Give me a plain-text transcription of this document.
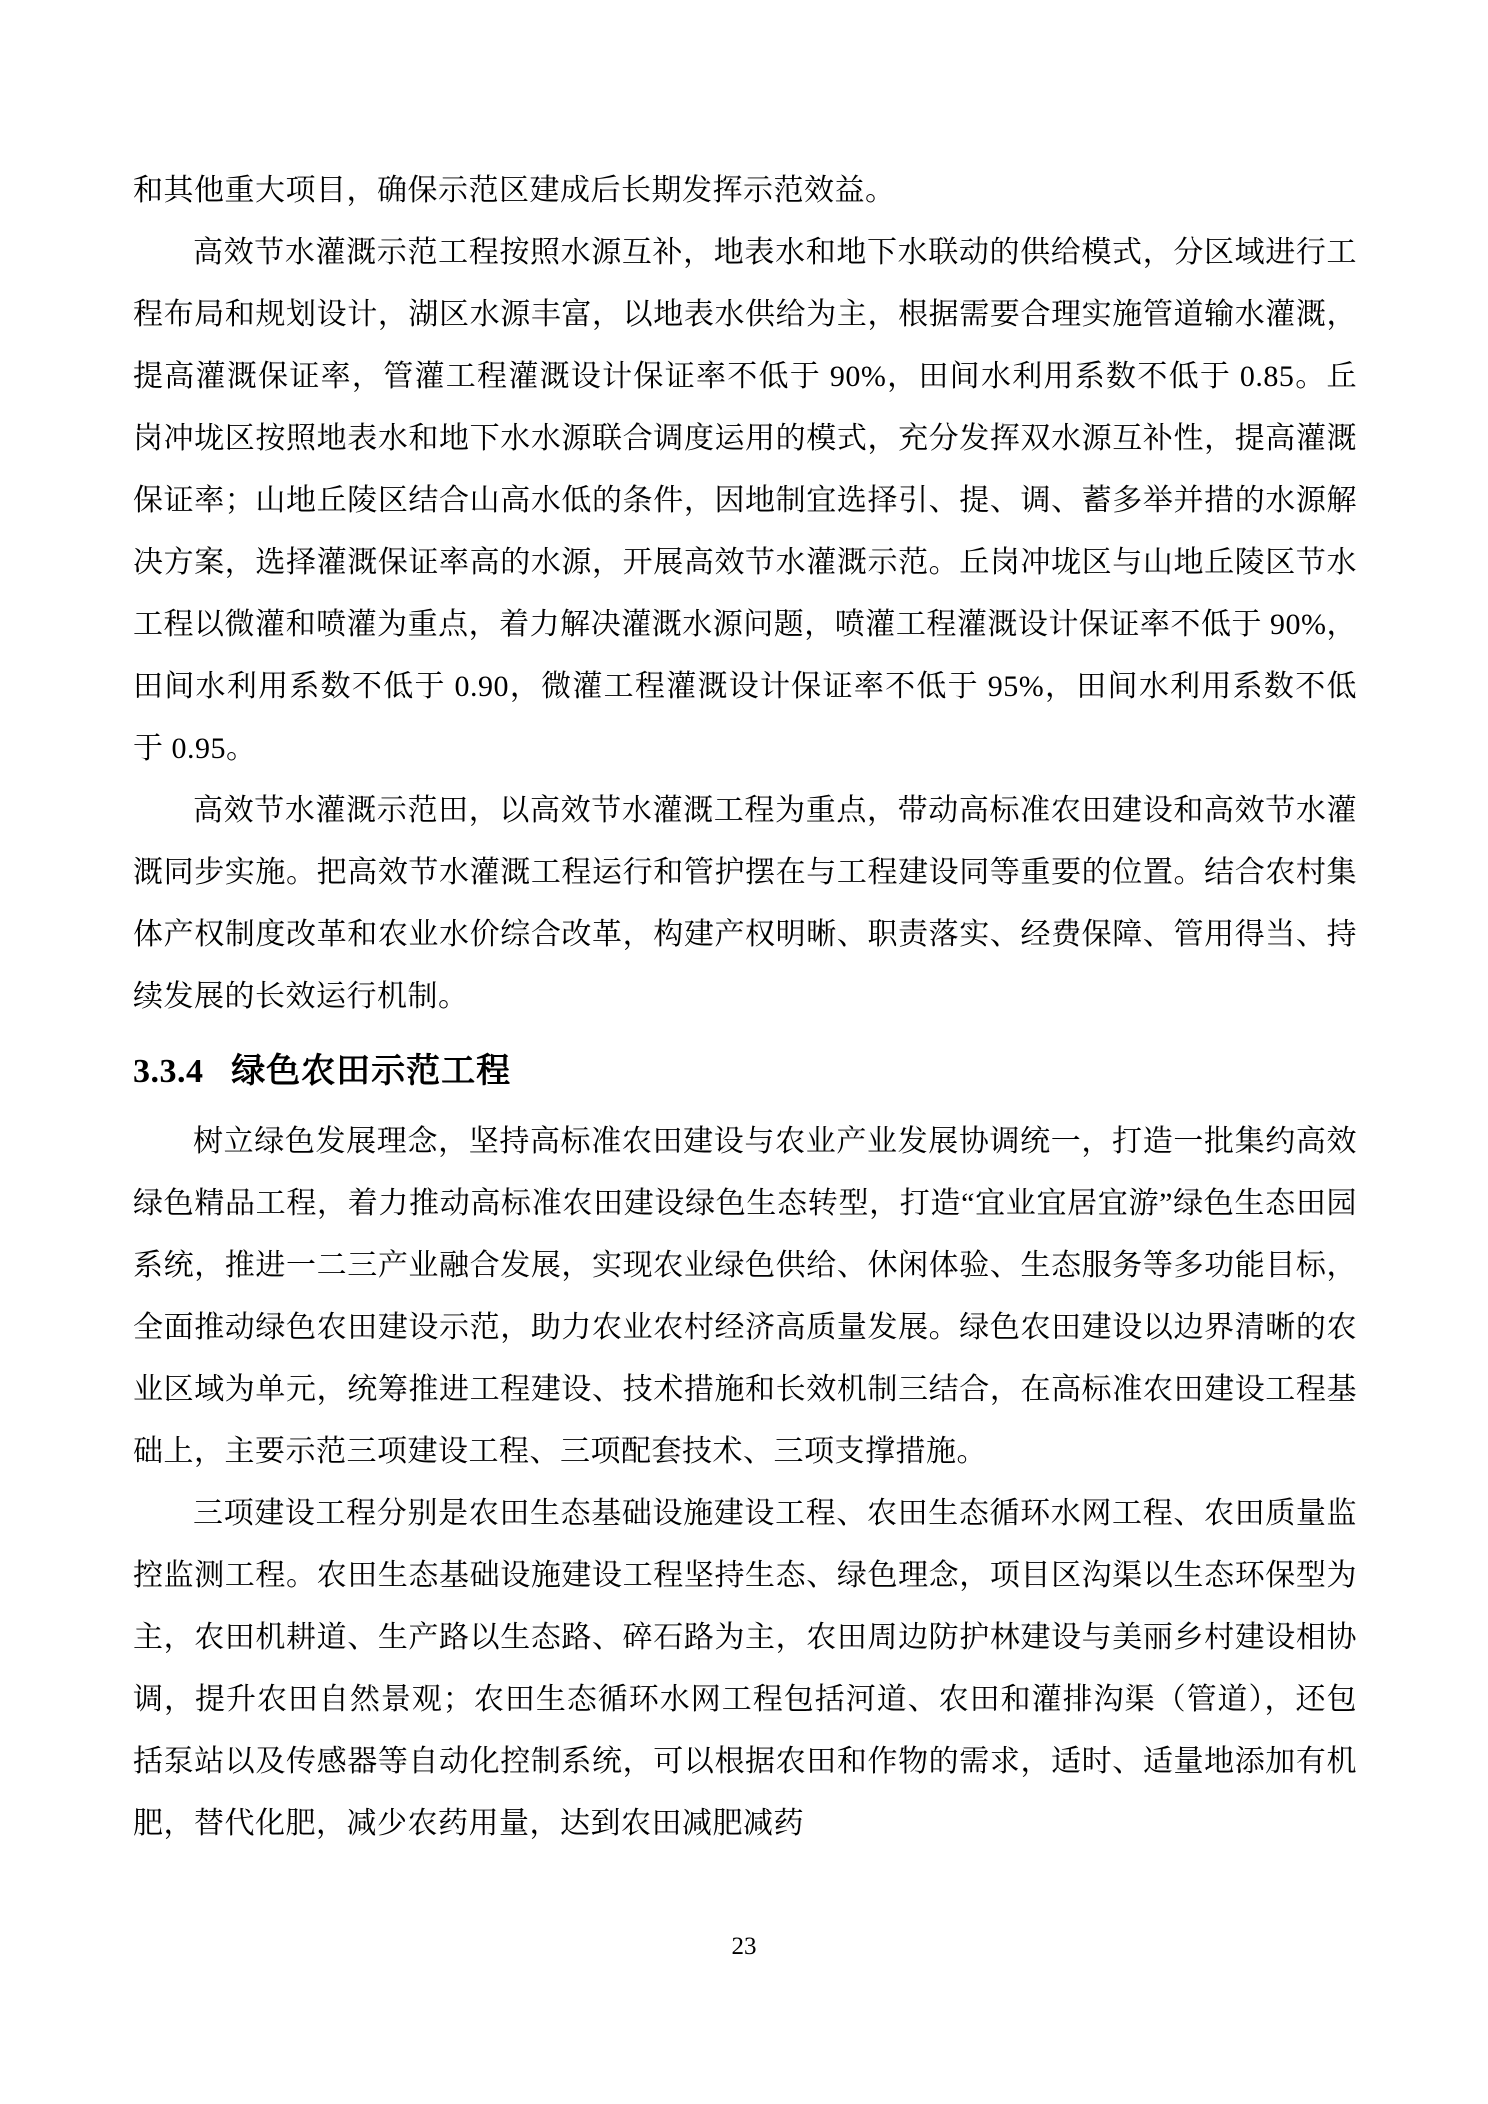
和其他重大项目，确保示范区建成后长期发挥示范效益。

高效节水灌溉示范工程按照水源互补，地表水和地下水联动的供给模式，分区域进行工程布局和规划设计，湖区水源丰富，以地表水供给为主，根据需要合理实施管道输水灌溉，提高灌溉保证率，管灌工程灌溉设计保证率不低于 90%，田间水利用系数不低于 0.85。丘岗冲垅区按照地表水和地下水水源联合调度运用的模式，充分发挥双水源互补性，提高灌溉保证率；山地丘陵区结合山高水低的条件，因地制宜选择引、提、调、蓄多举并措的水源解决方案，选择灌溉保证率高的水源，开展高效节水灌溉示范。丘岗冲垅区与山地丘陵区节水工程以微灌和喷灌为重点，着力解决灌溉水源问题，喷灌工程灌溉设计保证率不低于 90%，田间水利用系数不低于 0.90，微灌工程灌溉设计保证率不低于 95%，田间水利用系数不低于 0.95。

高效节水灌溉示范田，以高效节水灌溉工程为重点，带动高标准农田建设和高效节水灌溉同步实施。把高效节水灌溉工程运行和管护摆在与工程建设同等重要的位置。结合农村集体产权制度改革和农业水价综合改革，构建产权明晰、职责落实、经费保障、管用得当、持续发展的长效运行机制。

3.3.4 绿色农田示范工程

树立绿色发展理念，坚持高标准农田建设与农业产业发展协调统一，打造一批集约高效绿色精品工程，着力推动高标准农田建设绿色生态转型，打造“宜业宜居宜游”绿色生态田园系统，推进一二三产业融合发展，实现农业绿色供给、休闲体验、生态服务等多功能目标，全面推动绿色农田建设示范，助力农业农村经济高质量发展。绿色农田建设以边界清晰的农业区域为单元，统筹推进工程建设、技术措施和长效机制三结合，在高标准农田建设工程基础上，主要示范三项建设工程、三项配套技术、三项支撑措施。

三项建设工程分别是农田生态基础设施建设工程、农田生态循环水网工程、农田质量监控监测工程。农田生态基础设施建设工程坚持生态、绿色理念，项目区沟渠以生态环保型为主，农田机耕道、生产路以生态路、碎石路为主，农田周边防护林建设与美丽乡村建设相协调，提升农田自然景观；农田生态循环水网工程包括河道、农田和灌排沟渠（管道），还包括泵站以及传感器等自动化控制系统，可以根据农田和作物的需求，适时、适量地添加有机肥，替代化肥，减少农药用量，达到农田减肥减药

23
